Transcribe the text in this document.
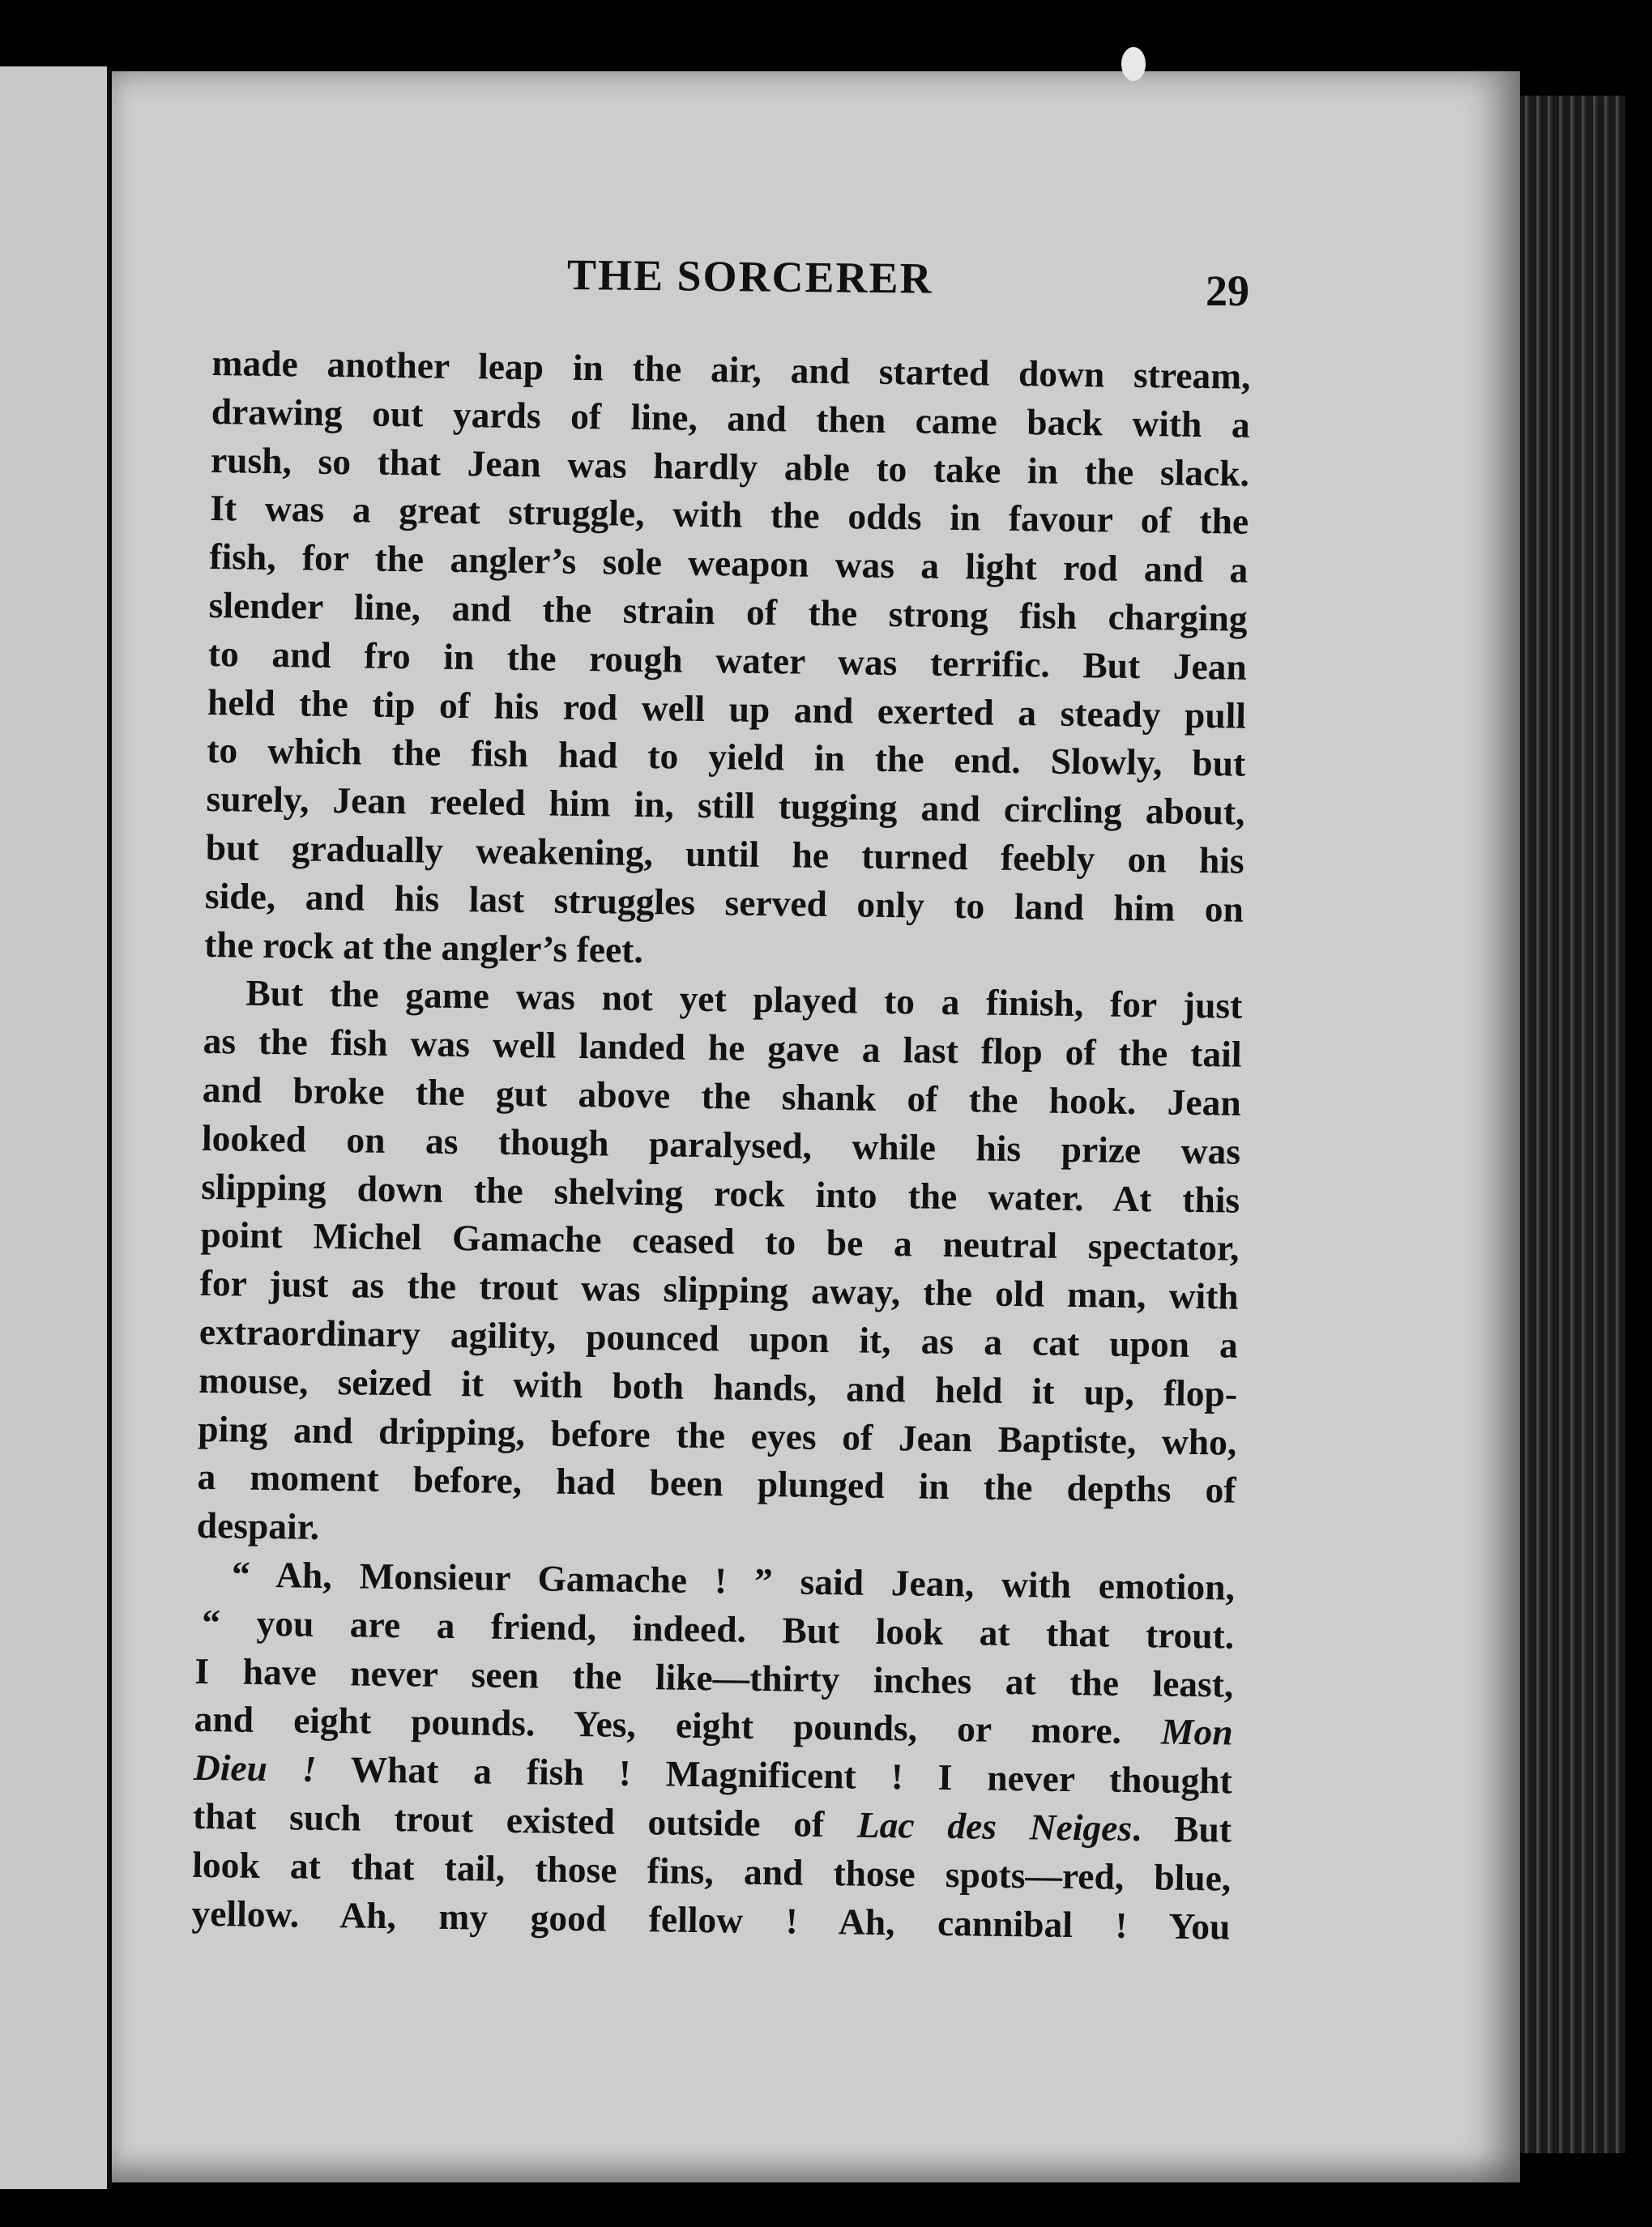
THE SORCERER	29
made another leap in the air, and started down stream,
drawing out yards of line, and then came back with a
rush, so that Jean was hardly able to take in the slack.
It was a great struggle, with the odds in favour of the
fish, for the angler’s sole weapon was a light rod and a
slender line, and the strain of the strong fish charging
to and fro in the rough water was terrific. But Jean
held the tip of his rod well up and exerted a steady pull
to which the fish had to yield in the end. Slowly, but
surely, Jean reeled him in, still tugging and circling about,
but gradually weakening, until he turned feebly on his
side, and his last struggles served only to land him on
the rock at the angler’s feet.
But the game was not yet played to a finish, for just
as the fish was well landed he gave a last flop of the tail
and broke the gut above the shank of the hook. Jean
looked on as though paralysed, while his prize was
slipping down the shelving rock into the water. At this
point Michel Gamache ceased to be a neutral spectator,
for just as the trout was slipping away, the old man, with
extraordinary agility, pounced upon it, as a cat upon a
mouse, seized it with both hands, and held it up, flop-
ping and dripping, before the eyes of Jean Baptiste, who,
a moment before, had been plunged in the depths of
despair.
“ Ah, Monsieur Gamache ! ” said Jean, with emotion,
“ you are a friend, indeed. But look at that trout.
I have never seen the like—thirty inches at the least,
and eight pounds. Yes, eight pounds, or more. Mon
Dieu ! What a fish ! Magnificent ! I never thought
that such trout existed outside of Lac des Neiges. But
look at that tail, those fins, and those spots—red, blue,
yellow. Ah, my good fellow ! Ah, cannibal ! You
